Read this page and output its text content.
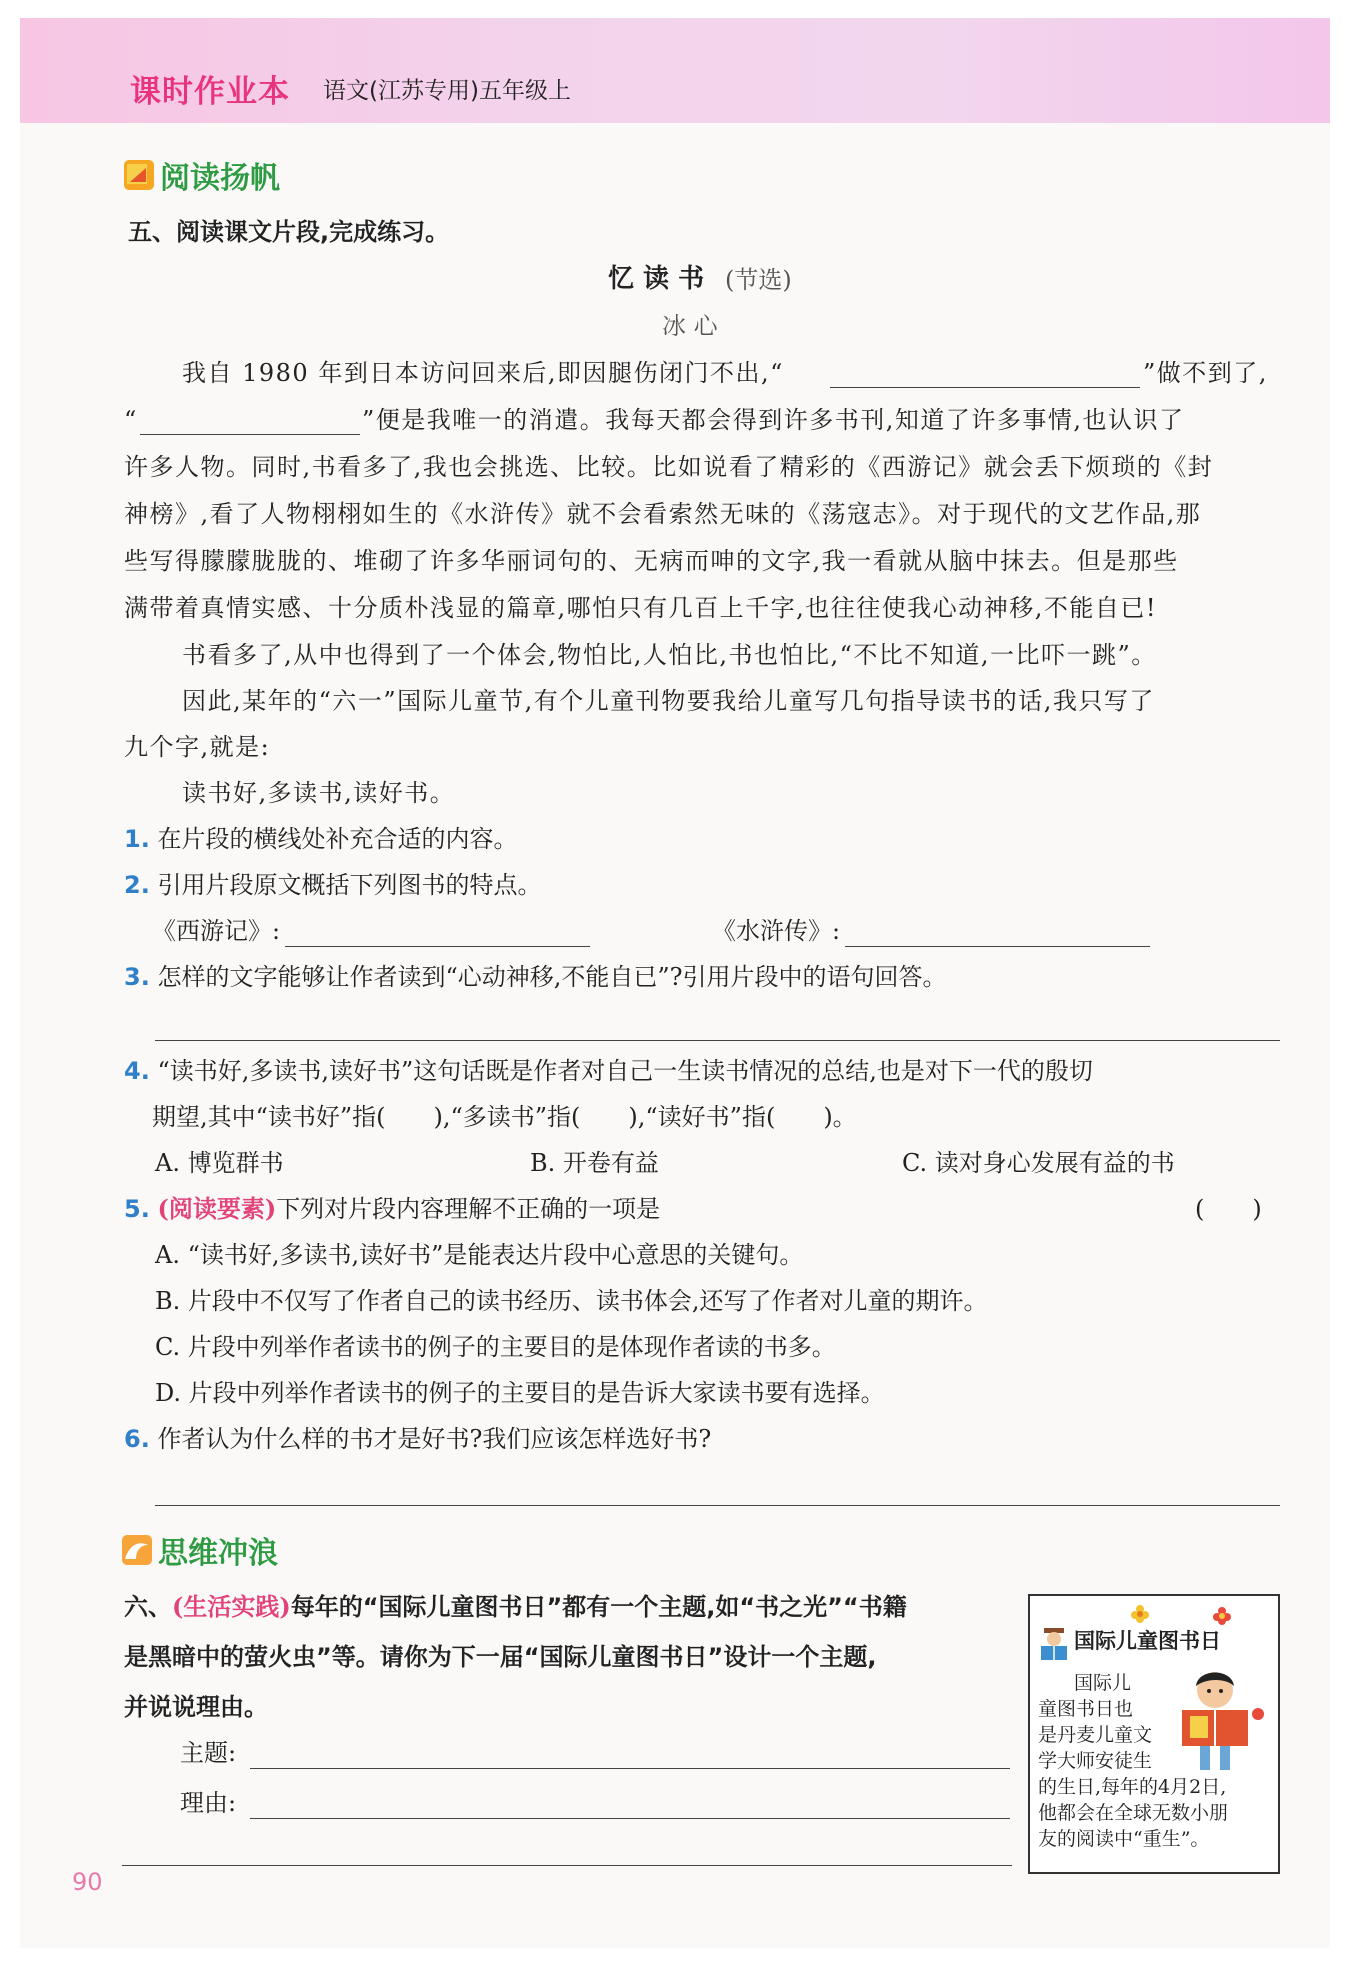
课时作业本 语文(江苏专用)五年级上
阅读扬帆
五、阅读课文片段,完成练习。
忆 读 书 (节选)
冰 心
我自 1980 年到日本访问回来后,即因腿伤闭门不出,“	”做不到了,
“	”便是我唯一的消遣。我每天都会得到许多书刊,知道了许多事情,也认识了
许多人物。同时,书看多了,我也会挑选、比较。比如说看了精彩的《西游记》就会丢下烦琐的《封
神榜》,看了人物栩栩如生的《水浒传》就不会看索然无味的《荡寇志》。对于现代的文艺作品,那
些写得朦朦胧胧的、堆砌了许多华丽词句的、无病而呻的文字,我一看就从脑中抹去。但是那些
满带着真情实感、十分质朴浅显的篇章,哪怕只有几百上千字,也往往使我心动神移,不能自已!
书看多了,从中也得到了一个体会,物怕比,人怕比,书也怕比,“不比不知道,一比吓一跳”。
因此,某年的“六一”国际儿童节,有个儿童刊物要我给儿童写几句指导读书的话,我只写了
九个字,就是:
读书好,多读书,读好书。
1. 在片段的横线处补充合适的内容。
2. 引用片段原文概括下列图书的特点。
《西游记》:	《水浒传》:
3. 怎样的文字能够让作者读到“心动神移,不能自已”?引用片段中的语句回答。
4. “读书好,多读书,读好书”这句话既是作者对自己一生读书情况的总结,也是对下一代的殷切
期望,其中“读书好”指(　　),“多读书”指(　　),“读好书”指(　　)。
A. 博览群书	B. 开卷有益	C. 读对身心发展有益的书
5. (阅读要素)下列对片段内容理解不正确的一项是	(　　)
A. “读书好,多读书,读好书”是能表达片段中心意思的关键句。
B. 片段中不仅写了作者自己的读书经历、读书体会,还写了作者对儿童的期许。
C. 片段中列举作者读书的例子的主要目的是体现作者读的书多。
D. 片段中列举作者读书的例子的主要目的是告诉大家读书要有选择。
6. 作者认为什么样的书才是好书?我们应该怎样选好书?
思维冲浪
六、(生活实践)每年的“国际儿童图书日”都有一个主题,如“书之光”“书籍
是黑暗中的萤火虫”等。请你为下一届“国际儿童图书日”设计一个主题,
并说说理由。
主题:
理由:
国际儿童图书日
国际儿
童图书日也
是丹麦儿童文
学大师安徒生
的生日,每年的4月2日,
他都会在全球无数小朋
友的阅读中“重生”。
90
